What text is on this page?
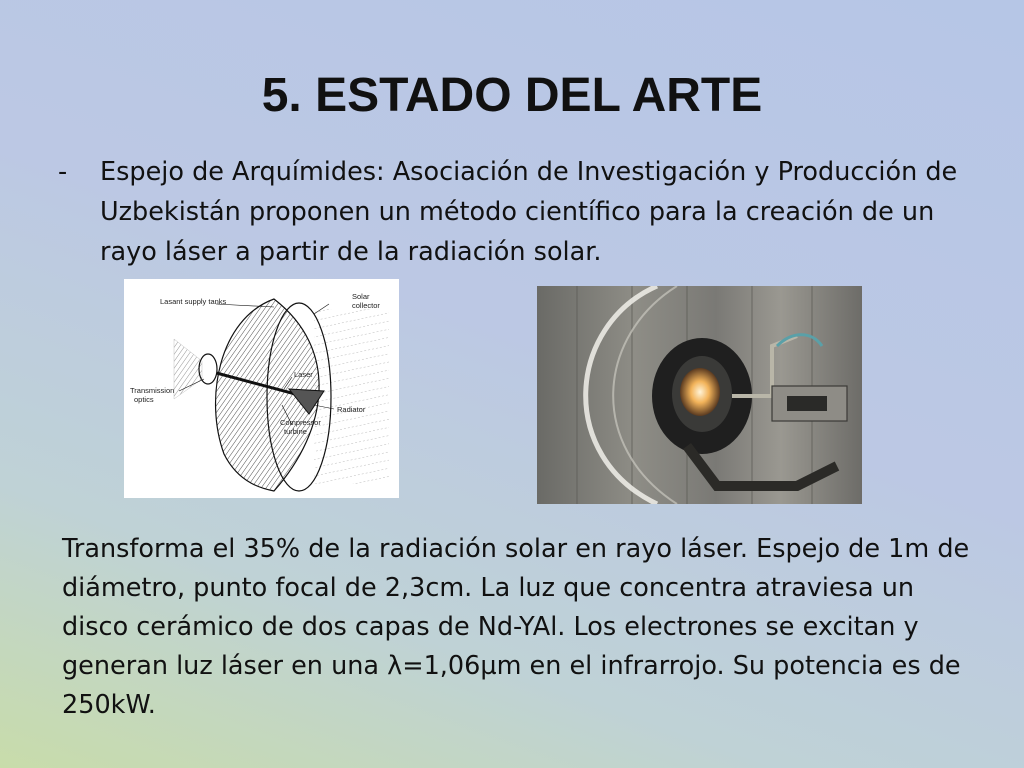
5. ESTADO DEL ARTE
-	Espejo de Arquímides: Asociación de Investigación y Producción de Uzbekistán proponen un método científico para la creación de un rayo láser a partir de la radiación solar.
Lasant supply tanks
Solar
collector
Laser
Transmission
optics
Radiator
Compressor
turbine
Transforma el 35% de la radiación solar en rayo láser. Espejo de 1m de diámetro, punto focal de 2,3cm. La luz que concentra atraviesa un disco cerámico de dos capas de Nd-YAl. Los electrones se excitan y generan luz láser en una λ=1,06µm en el infrarrojo. Su potencia es de 250kW.
